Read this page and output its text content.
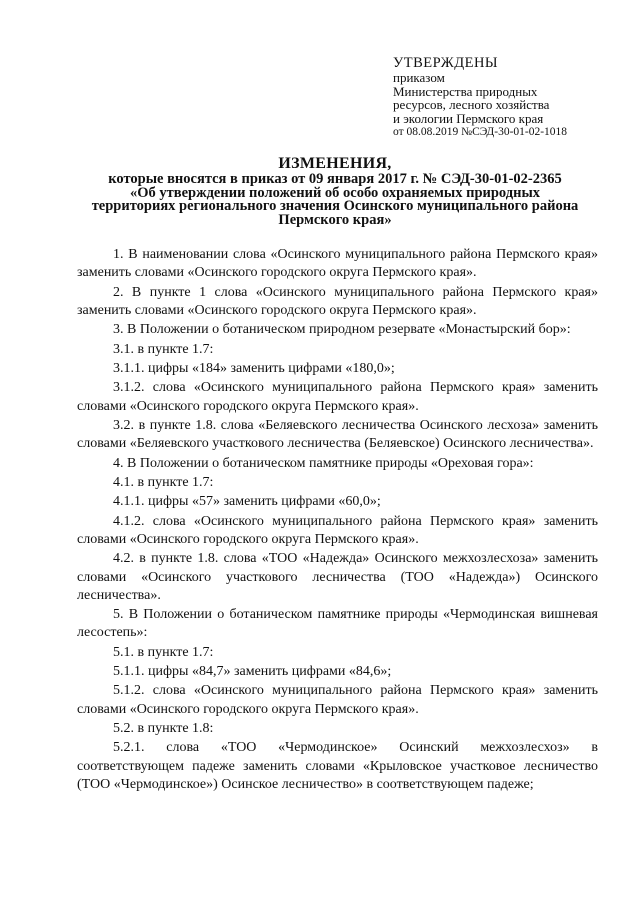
УТВЕРЖДЕНЫ
приказом
Министерства природных
ресурсов, лесного хозяйства
и экологии Пермского края
от 08.08.2019 №СЭД-30-01-02-1018
ИЗМЕНЕНИЯ,
которые вносятся в приказ от 09 января 2017 г. № СЭД-30-01-02-2365
«Об утверждении положений об особо охраняемых природных
территориях регионального значения Осинского муниципального района
Пермского края»

1. В наименовании слова «Осинского муниципального района Пермского края» заменить словами «Осинского городского округа Пермского края».

2. В пункте 1 слова «Осинского муниципального района Пермского края» заменить словами «Осинского городского округа Пермского края».

3. В Положении о ботаническом природном резервате «Монастырский бор»:

3.1. в пункте 1.7:

3.1.1. цифры «184» заменить цифрами «180,0»;

3.1.2. слова «Осинского муниципального района Пермского края» заменить словами «Осинского городского округа Пермского края».

3.2. в пункте 1.8. слова «Беляевского лесничества Осинского лесхоза» заменить словами «Беляевского участкового лесничества (Беляевское) Осинского лесничества».

4. В Положении о ботаническом памятнике природы «Ореховая гора»:

4.1. в пункте 1.7:

4.1.1. цифры «57» заменить цифрами «60,0»;

4.1.2. слова «Осинского муниципального района Пермского края» заменить словами «Осинского городского округа Пермского края».

4.2. в пункте 1.8. слова «ТОО «Надежда» Осинского межхозлесхоза» заменить словами «Осинского участкового лесничества (ТОО «Надежда») Осинского лесничества».

5. В Положении о ботаническом памятнике природы «Чермодинская вишневая лесостепь»:

5.1. в пункте 1.7:

5.1.1. цифры «84,7» заменить цифрами «84,6»;

5.1.2. слова «Осинского муниципального района Пермского края» заменить словами «Осинского городского округа Пермского края».

5.2. в пункте 1.8:

5.2.1. слова «ТОО «Чермодинское» Осинский межхозлесхоз» в соответствующем падеже заменить словами «Крыловское участковое лесничество (ТОО «Чермодинское») Осинское лесничество» в соответствующем падеже;
